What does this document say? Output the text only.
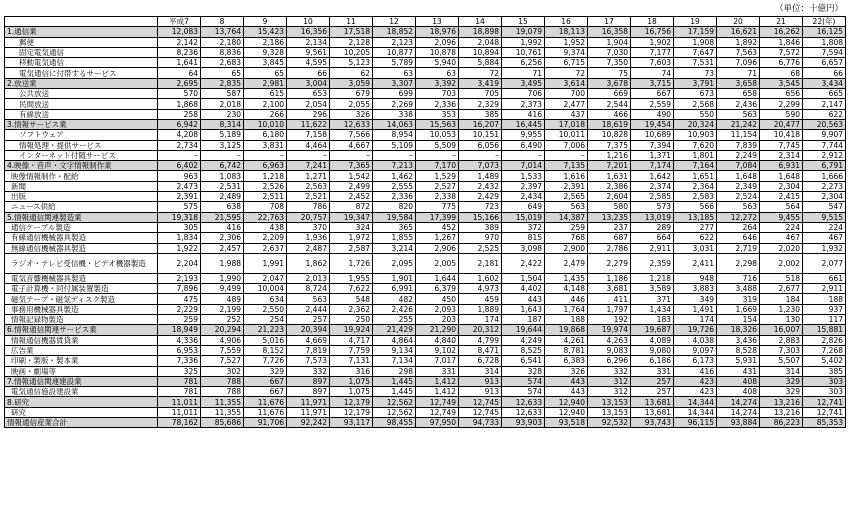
（単位：十億円）
	平成7	8	9	10	11	12	13	14	15	16	17	18	19	20	21	22(年)
1.通信業	12,083	13,764	15,423	16,356	17,518	18,852	18,976	18,898	19,079	18,113	16,358	16,756	17,159	16,621	16,262	16,125
郵便	2,142	2,180	2,186	2,134	2,128	2,123	2,096	2,048	1,992	1,952	1,904	1,902	1,908	1,892	1,846	1,808
固定電気通信	8,236	8,836	9,328	9,561	10,205	10,877	10,878	10,894	10,761	9,374	7,030	7,177	7,647	7,563	7,572	7,594
移動電気通信	1,641	2,683	3,845	4,595	5,123	5,789	5,940	5,884	6,256	6,715	7,350	7,603	7,531	7,096	6,776	6,657
電気通信に付帯するサービス	64	65	65	66	62	63	63	72	71	72	75	74	73	71	68	66
2.放送業	2,695	2,835	2,981	3,004	3,059	3,307	3,392	3,419	3,495	3,614	3,678	3,715	3,791	3,658	3,545	3,434
公共放送	570	587	615	653	679	699	703	705	706	700	669	667	673	658	656	665
民間放送	1,868	2,018	2,100	2,054	2,055	2,269	2,336	2,329	2,373	2,477	2,544	2,559	2,568	2,436	2,299	2,147
有線放送	258	230	266	296	326	338	353	385	416	437	466	490	550	563	590	622
3.情報サービス業	6,942	8,314	10,010	11,622	12,633	14,063	15,563	16,207	16,445	17,018	18,619	19,454	20,324	21,242	20,477	20,563
ソフトウェア	4,208	5,189	6,180	7,158	7,566	8,954	10,053	10,151	9,955	10,011	10,828	10,689	10,903	11,154	10,418	9,907
情報処理・提供サービス	2,734	3,125	3,831	4,464	4,667	5,109	5,509	6,056	6,490	7,006	7,375	7,394	7,620	7,839	7,745	7,744
インターネット付随サービス	–	–	–	–	–	–	–	–	–	–	1,216	1,371	1,801	2,249	2,314	2,912
4.映像・音声・文字情報制作業	6,402	6,742	6,963	7,241	7,365	7,213	7,170	7,073	7,014	7,135	7,201	7,174	7,164	7,084	6,931	6,791
映像情報制作・配給	963	1,083	1,218	1,271	1,542	1,462	1,529	1,489	1,533	1,616	1,631	1,642	1,651	1,648	1,648	1,666
新聞	2,473	2,531	2,526	2,563	2,499	2,555	2,527	2,432	2,397	2,391	2,386	2,374	2,364	2,349	2,304	2,273
出版	2,391	2,489	2,511	2,521	2,452	2,336	2,338	2,429	2,434	2,565	2,604	2,585	2,583	2,524	2,415	2,304
ニュース供給	575	638	708	786	872	820	775	723	649	563	580	573	566	563	564	547
5.情報通信関連製造業	19,318	21,595	22,763	20,757	19,347	19,584	17,399	15,166	15,019	14,387	13,235	13,019	13,185	12,272	9,455	9,515
通信ケーブル製造	305	416	438	370	324	365	452	389	372	259	237	289	277	264	224	224
有線通信機械器具製造	1,834	2,306	2,209	1,936	1,972	1,855	1,267	970	815	768	687	664	622	646	467	467
無線通信機械器具製造	1,922	2,457	2,637	2,487	2,587	3,214	2,906	2,525	3,098	2,900	2,786	2,911	3,031	2,719	2,020	1,932
ラジオ・テレビ受信機・ビデオ機器製造	2,204	1,988	1,991	1,862	1,726	2,095	2,005	2,181	2,422	2,479	2,279	2,359	2,411	2,298	2,002	2,077
電気音響機械器具製造	2,193	1,990	2,047	2,013	1,955	1,901	1,644	1,602	1,504	1,435	1,186	1,218	948	716	518	661
電子計算機・同付属装置製造	7,896	9,499	10,004	8,724	7,622	6,991	6,379	4,973	4,402	4,148	3,681	3,589	3,883	3,488	2,677	2,911
磁気テープ・磁気ディスク製造	475	489	634	563	548	482	450	459	443	446	411	371	349	319	184	188
事務用機械器具製造	2,229	2,199	2,550	2,444	2,362	2,426	2,093	1,889	1,643	1,764	1,797	1,434	1,491	1,669	1,230	937
情報記録物製造	259	252	254	257	250	255	203	174	187	188	192	183	174	154	130	117
6.情報通信関連サービス業	18,949	20,294	21,223	20,394	19,924	21,429	21,290	20,312	19,644	19,868	19,974	19,687	19,726	18,326	16,007	15,881
情報通信機器賃貸業	4,336	4,906	5,016	4,669	4,717	4,864	4,840	4,799	4,249	4,261	4,263	4,089	4,038	3,436	2,883	2,826
広告業	6,953	7,559	8,152	7,819	7,759	9,134	9,102	8,471	8,525	8,781	9,083	9,080	9,097	8,528	7,303	7,268
印刷・製版・製本業	7,336	7,527	7,726	7,573	7,131	7,134	7,017	6,728	6,541	6,383	6,296	6,186	6,173	5,931	5,507	5,402
映画・劇場等	325	302	329	332	316	298	331	314	328	326	332	331	416	431	314	385
7.情報通信関連建設業	781	788	667	897	1,075	1,445	1,412	913	574	443	312	257	423	408	329	303
電気通信施設建設業	781	788	667	897	1,075	1,445	1,412	913	574	443	312	257	423	408	329	303
8.研究	11,011	11,355	11,676	11,971	12,179	12,562	12,749	12,745	12,633	12,940	13,153	13,681	14,344	14,274	13,216	12,741
研究	11,011	11,355	11,676	11,971	12,179	12,562	12,749	12,745	12,633	12,940	13,153	13,681	14,344	14,274	13,216	12,741
情報通信産業合計	78,162	85,686	91,706	92,242	93,117	98,455	97,950	94,733	93,903	93,518	92,532	93,743	96,115	93,884	86,223	85,353
